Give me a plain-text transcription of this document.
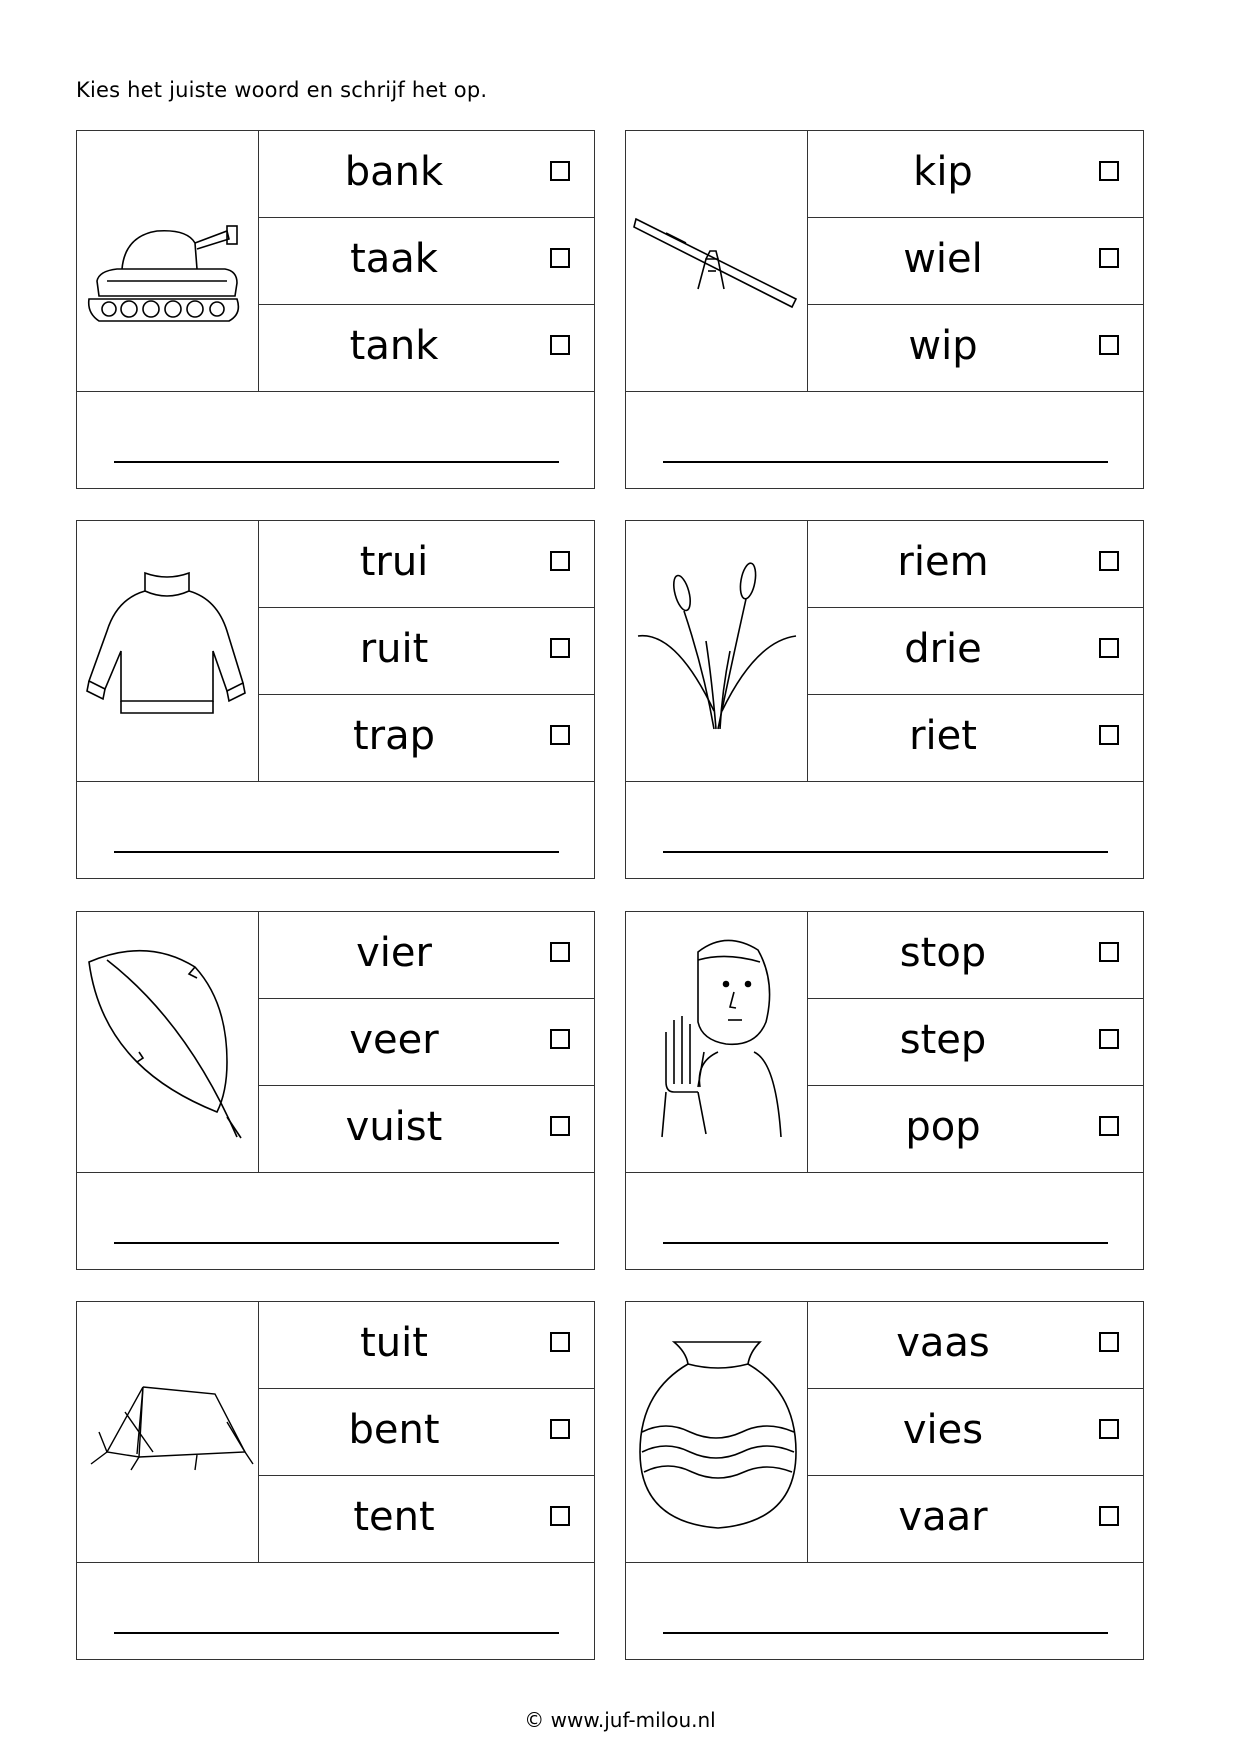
Kies het juiste woord en schrijf het op.
bank
taak
tank
kip
wiel
wip
trui
ruit
trap
riem
drie
riet
vier
veer
vuist
stop
step
pop
tuit
bent
tent
vaas
vies
vaar
© www.juf-milou.nl
